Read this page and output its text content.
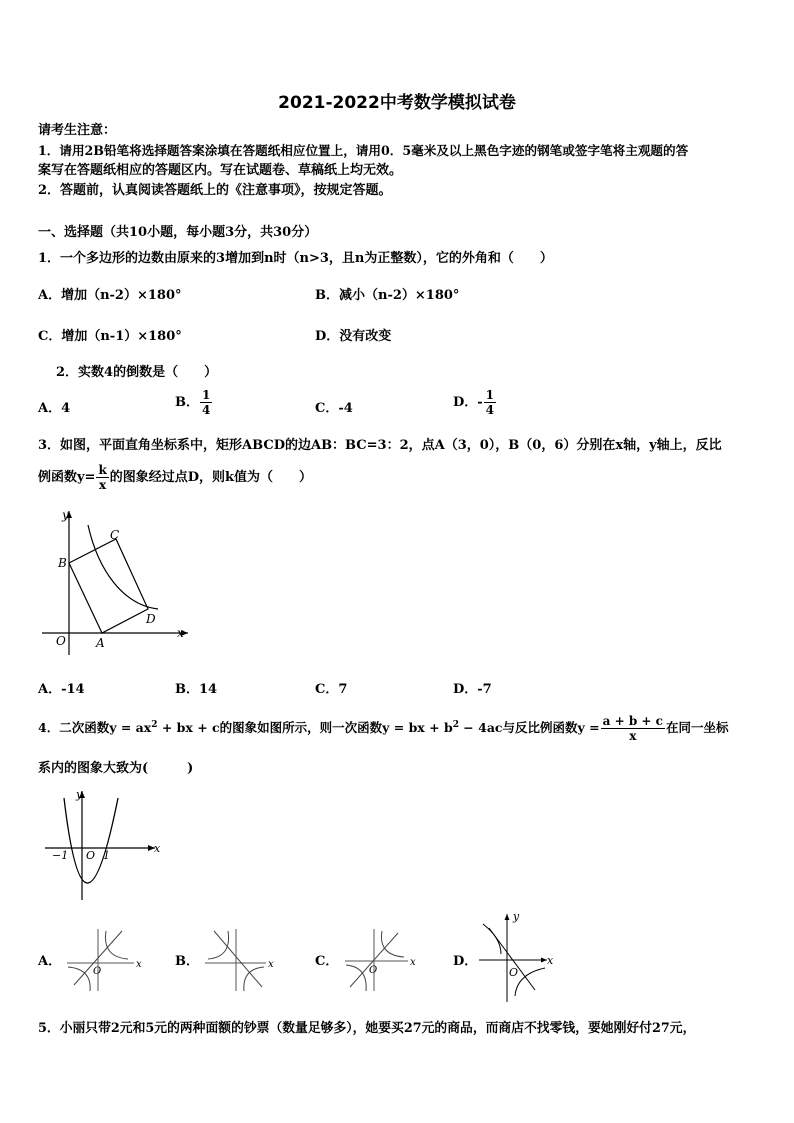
2021-2022中考数学模拟试卷
请考生注意：
1．请用2B铅笔将选择题答案涂填在答题纸相应位置上，请用0．5毫米及以上黑色字迹的钢笔或签字笔将主观题的答
案写在答题纸相应的答题区内。写在试题卷、草稿纸上均无效。
2．答题前，认真阅读答题纸上的《注意事项》，按规定答题。
一、选择题（共10小题，每小题3分，共30分）
1．一个多边形的边数由原来的3增加到n时（n>3，且n为正整数），它的外角和（　　）
A．增加（n-2）×180°	B．减小（n-2）×180°
C．增加（n-1）×180°	D．没有改变
2．实数4的倒数是（　　）
A．4	B． $\frac{1}{4}$	C．-4	D．- $\frac{1}{4}$
3．如图，平面直角坐标系中，矩形ABCD的边AB：BC=3：2，点A（3，0），B（0，6）分别在x轴，y轴上，反比
例函数$y= \frac{k}{x}$ 的图象经过点D，则k值为（　　）
y
x
O	A
B
C
D
A．-14	B．14	C．7	D．-7
4．二次函数$y = ax^2$ + bx + c的图象如图所示，则一次函数y = bx + $b^2 - 4ac$与反比例函数$y = \frac{a + b + c}{x}$ 在同一坐标
系内的图象大致为(　　　)
y
x
O
−1	1
A．
O
x	B．	x	C．
O
x	D．
y
x
O
5．小丽只带2元和5元的两种面额的钞票（数量足够多），她要买27元的商品，而商店不找零钱，要她刚好付27元，
